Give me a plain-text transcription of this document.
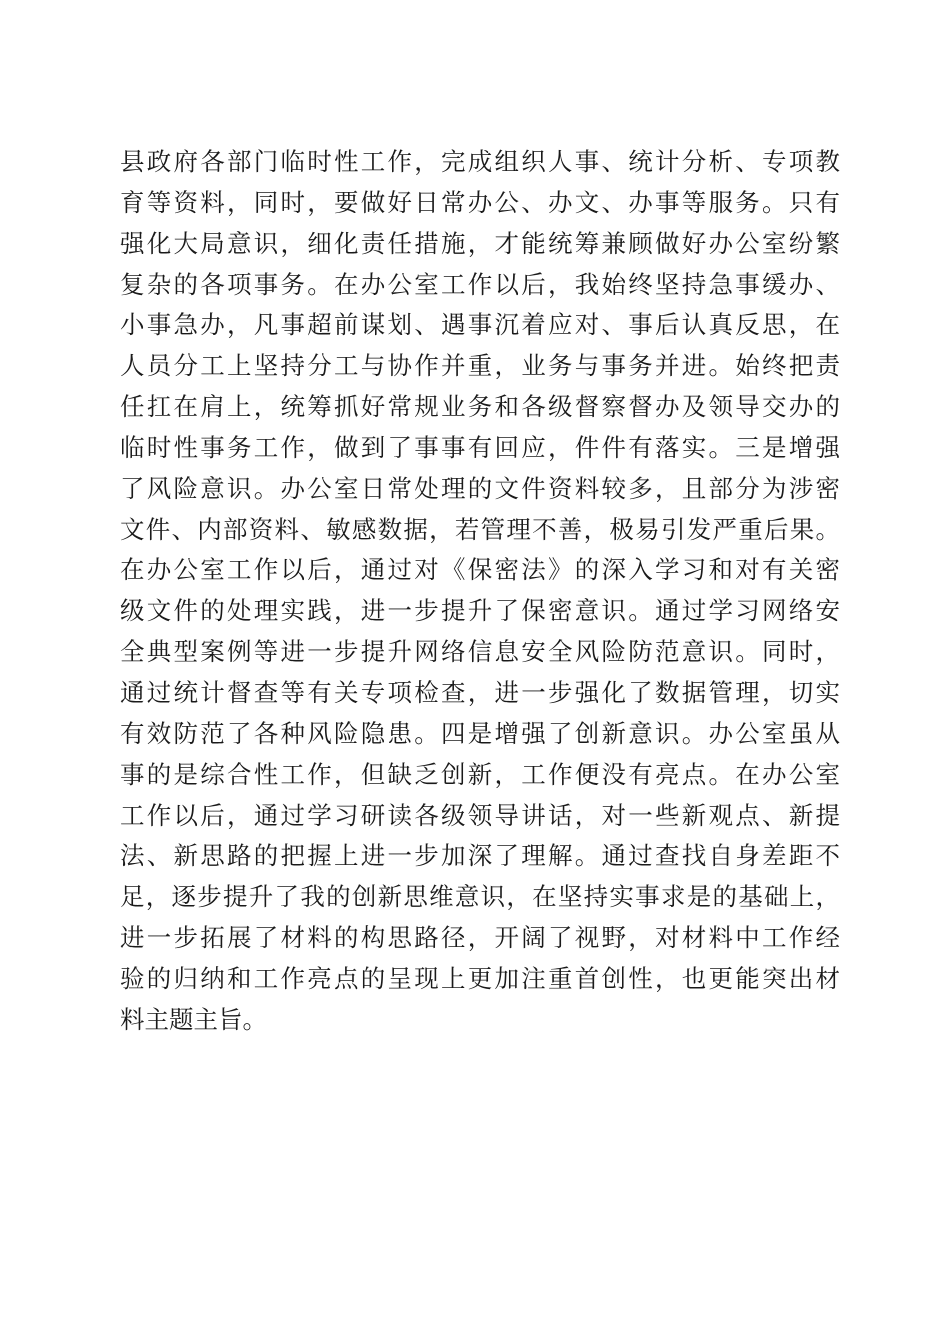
县政府各部门临时性工作，完成组织人事、统计分析、专项教
育等资料，同时，要做好日常办公、办文、办事等服务。只有
强化大局意识，细化责任措施，才能统筹兼顾做好办公室纷繁
复杂的各项事务。在办公室工作以后，我始终坚持急事缓办、
小事急办，凡事超前谋划、遇事沉着应对、事后认真反思，在
人员分工上坚持分工与协作并重，业务与事务并进。始终把责
任扛在肩上，统筹抓好常规业务和各级督察督办及领导交办的
临时性事务工作，做到了事事有回应，件件有落实。三是增强
了风险意识。办公室日常处理的文件资料较多，且部分为涉密
文件、内部资料、敏感数据，若管理不善，极易引发严重后果。
在办公室工作以后，通过对《保密法》的深入学习和对有关密
级文件的处理实践，进一步提升了保密意识。通过学习网络安
全典型案例等进一步提升网络信息安全风险防范意识。同时，
通过统计督查等有关专项检查，进一步强化了数据管理，切实
有效防范了各种风险隐患。四是增强了创新意识。办公室虽从
事的是综合性工作，但缺乏创新，工作便没有亮点。在办公室
工作以后，通过学习研读各级领导讲话，对一些新观点、新提
法、新思路的把握上进一步加深了理解。通过查找自身差距不
足，逐步提升了我的创新思维意识，在坚持实事求是的基础上，
进一步拓展了材料的构思路径，开阔了视野，对材料中工作经
验的归纳和工作亮点的呈现上更加注重首创性，也更能突出材
料主题主旨。
